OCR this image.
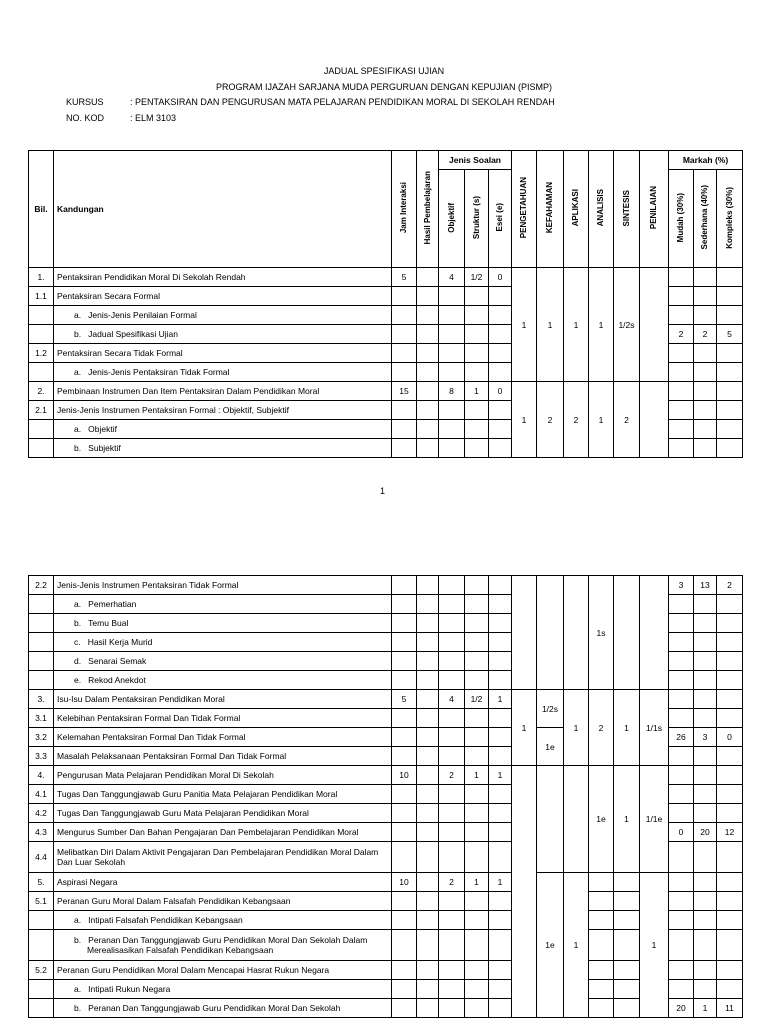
JADUAL SPESIFIKASI UJIAN
PROGRAM IJAZAH SARJANA MUDA PERGURUAN DENGAN KEPUJIAN (PISMP)
KURSUS	: PENTAKSIRAN DAN PENGURUSAN MATA PELAJARAN PENDIDIKAN MORAL DI SEKOLAH RENDAH
NO. KOD	: ELM 3103
Bil.	Kandungan	Jam Interaksi	Hasil Pembelajaran	Jenis Soalan			PENGETAHUAN	KEFAHAMAN	APLIKASI	ANALISIS	SINTESIS	PENILAIAN	Markah (%)		
				Objektif	Struktur (s)	Esei (e)							Mudah (30%)	Sederhana (40%)	Kompleks (30%)
1.	Pentaksiran Pendidikan Moral Di Sekolah Rendah	5		4	1/2	0	1	1	1	1	1/2s				
1.1	Pentaksiran Secara Formal														
	a.   Jenis-Jenis Penilaian Formal														
	b.   Jadual Spesifikasi Ujian												2	2	5
1.2	Pentaksiran Secara Tidak Formal														
	a.   Jenis-Jenis Pentaksiran Tidak Formal														
2.	Pembinaan Instrumen Dan Item Pentaksiran Dalam Pendidikan Moral	15		8	1	0	1	2	2	1	2				
2.1	Jenis-Jenis Instrumen Pentaksiran Formal : Objektif, Subjektif														
	a.   Objektif														
	b.   Subjektif														
1
2.2	Jenis-Jenis Instrumen Pentaksiran Tidak Formal									1s			3	13	2
	a.   Pemerhatian														
	b.   Temu Bual														
	c.   Hasil Kerja Murid														
	d.   Senarai Semak														
	e.   Rekod Anekdot														
3.	Isu-Isu Dalam Pentaksiran Pendidikan Moral	5		4	1/2	1	1	1/2s	1	2	1	1/1s			
3.1	Kelebihan Pentaksiran Formal Dan Tidak Formal														
3.2	Kelemahan Pentaksiran Formal Dan Tidak Formal							1e					26	3	0
3.3	Masalah Pelaksanaan Pentaksiran Formal Dan Tidak Formal														
4.	Pengurusan Mata Pelajaran Pendidikan Moral Di Sekolah	10		2	1	1				1e	1	1/1e			
4.1	Tugas Dan Tanggungjawab Guru Panitia Mata Pelajaran Pendidikan Moral														
4.2	Tugas Dan Tanggungjawab Guru Mata Pelajaran Pendidikan Moral														
4.3	Mengurus Sumber Dan Bahan Pengajaran Dan Pembelajaran Pendidikan Moral												0	20	12
4.4	Melibatkan Diri Dalam Aktivit Pengajaran Dan Pembelajaran Pendidikan Moral Dalam Dan Luar Sekolah														
5.	Aspirasi Negara	10		2	1	1		1e	1			1			
5.1	Peranan Guru Moral Dalam Falsafah Pendidikan Kebangsaan														
	a.   Intipati Falsafah Pendidikan Kebangsaan														
	b.   Peranan Dan Tanggungjawab Guru Pendidikan Moral Dan Sekolah Dalam Merealisasikan Falsafah Pendidikan Kebangsaan														
5.2	Peranan Guru Pendidikan Moral Dalam Mencapai Hasrat Rukun Negara														
	a.   Intipati Rukun Negara														
	b.   Peranan Dan Tanggungjawab Guru Pendidikan Moral Dan Sekolah												20	1	11
